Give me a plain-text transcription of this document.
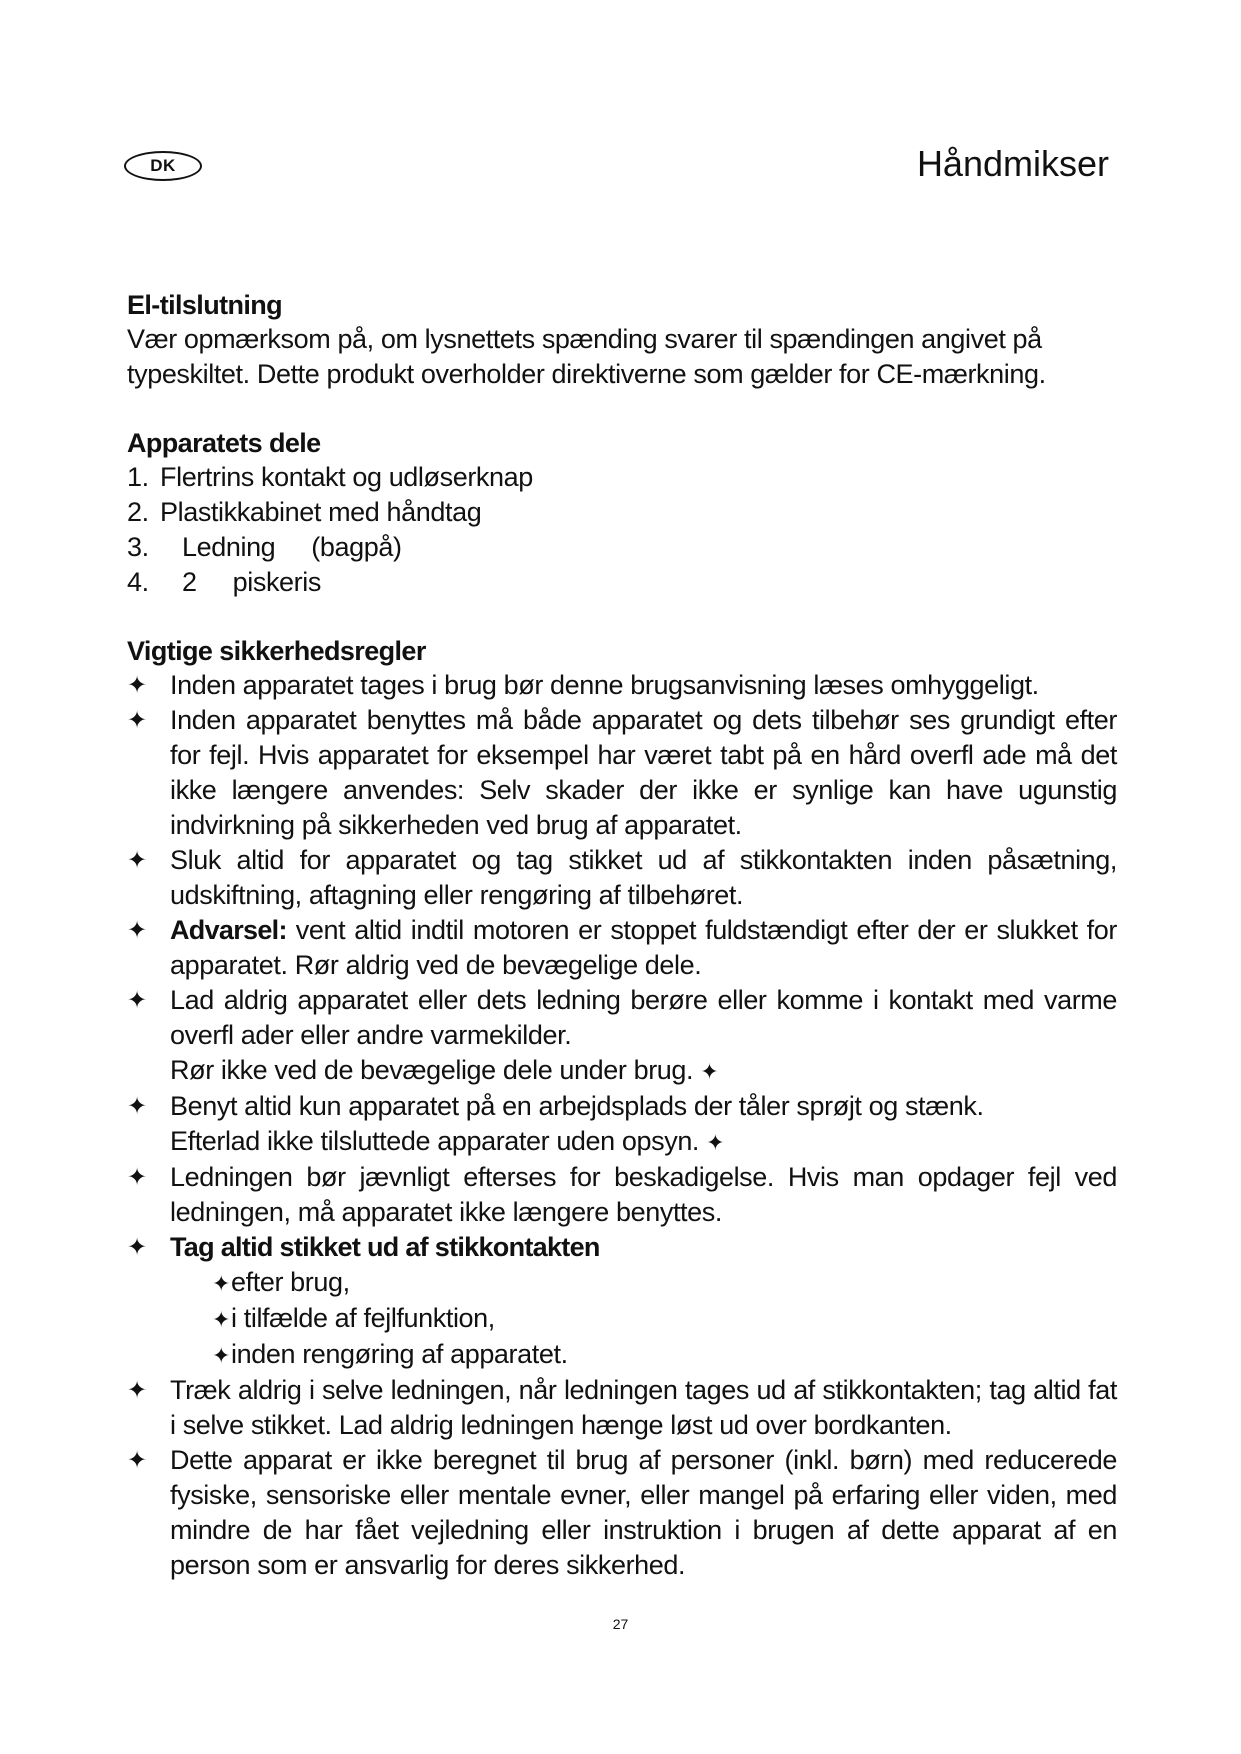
DK	Håndmikser
El-tilslutning

Vær opmærksom på, om lysnettets spænding svarer til spændingen angivet på typeskiltet. Dette produkt overholder direktiverne som gælder for CE-mærkning.

Apparatets dele
1. Flertrins kontakt og udløserknap
2. Plastikkabinet med håndtag
3.	Ledning (bagpå)
4.	2 piskeris
Vigtige sikkerhedsregler
✦ Inden apparatet tages i brug bør denne brugsanvisning læses omhyggeligt.
✦ Inden apparatet benyttes må både apparatet og dets tilbehør ses grundigt efter for fejl. Hvis apparatet for eksempel har været tabt på en hård overfl ade må det ikke længere anvendes: Selv skader der ikke er synlige kan have ugunstig indvirkning på sikkerheden ved brug af apparatet.
✦ Sluk altid for apparatet og tag stikket ud af stikkontakten inden påsætning, udskiftning, aftagning eller rengøring af tilbehøret.
✦ Advarsel: vent altid indtil motoren er stoppet fuldstændigt efter der er slukket for apparatet. Rør aldrig ved de bevægelige dele.
✦ Lad aldrig apparatet eller dets ledning berøre eller komme i kontakt med varme overfl ader eller andre varmekilder.
Rør ikke ved de bevægelige dele under brug. ✦
✦ Benyt altid kun apparatet på en arbejdsplads der tåler sprøjt og stænk.
Efterlad ikke tilsluttede apparater uden opsyn. ✦
✦ Ledningen bør jævnligt efterses for beskadigelse. Hvis man opdager fejl ved ledningen, må apparatet ikke længere benyttes.
✦ Tag altid stikket ud af stikkontakten
✦efter brug,
✦i tilfælde af fejlfunktion,
✦inden rengøring af apparatet.
✦ Træk aldrig i selve ledningen, når ledningen tages ud af stikkontakten; tag altid fat i selve stikket. Lad aldrig ledningen hænge løst ud over bordkanten.
✦ Dette apparat er ikke beregnet til brug af personer (inkl. børn) med reducerede fysiske, sensoriske eller mentale evner, eller mangel på erfaring eller viden, med mindre de har fået vejledning eller instruktion i brugen af dette apparat af en person som er ansvarlig for deres sikkerhed.
27
